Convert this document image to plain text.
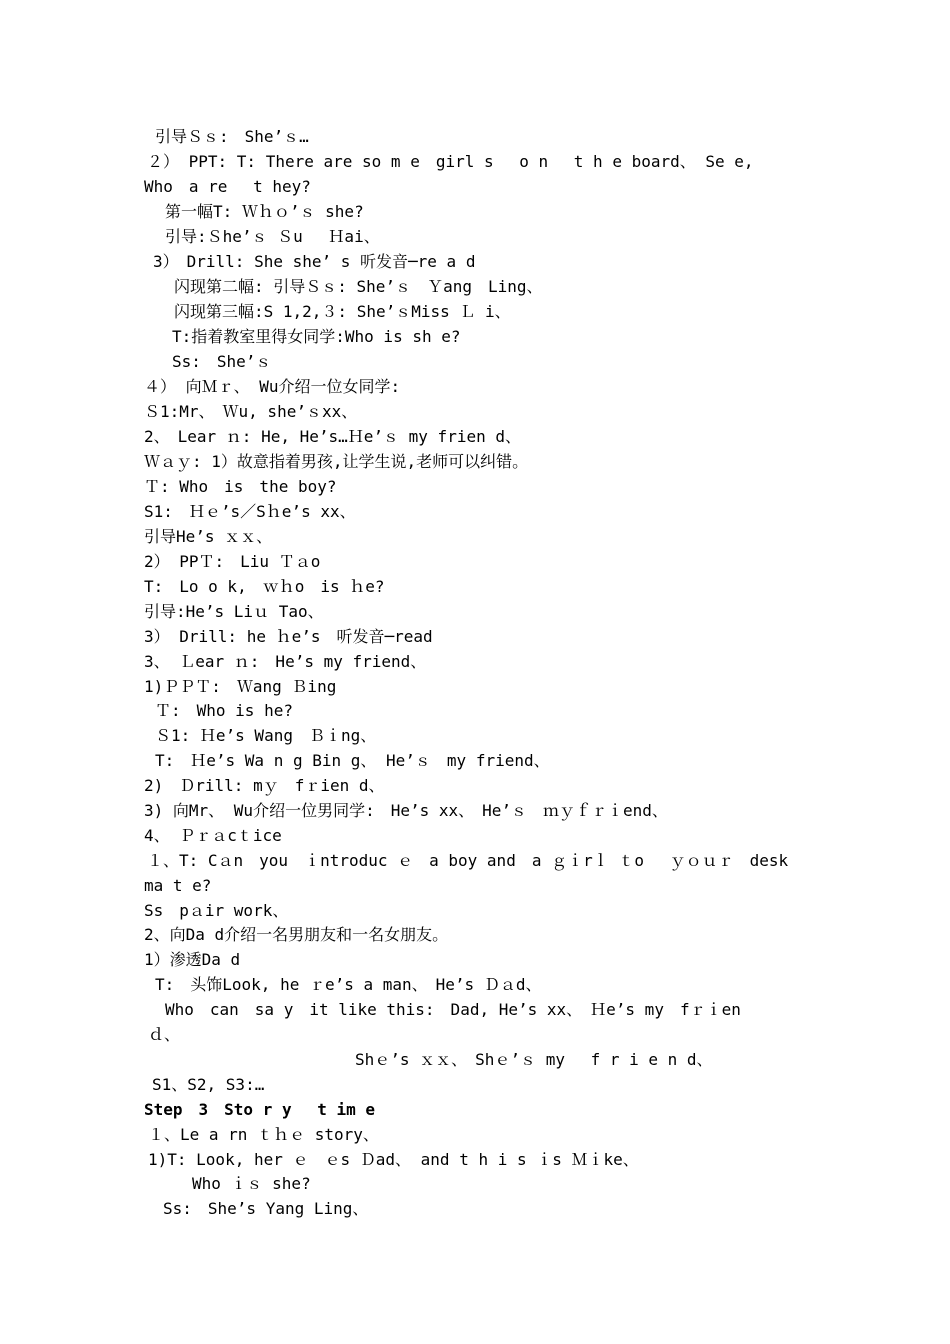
引导Ｓｓ:　She’ｓ…
２） PPT: T: There are so m e　girl s　 o n　 t h e board、 Se e,
Who　a re　 t hey?
第一幅T: Ｗｈｏ’ｓ she?
引导:Ｓhe’ｓ Ｓu　 Ｈai、
3）　Drill: She she’ s 听发音─re a d
闪现第二幅: 引导Ｓｓ: She’ｓ　Ｙang　Ling、
闪现第三幅:S 1,2,３: She’ｓMiss Ｌ i、
T:指着教室里得女同学:Who is sh e?
Ss:　She’ｓ
４） 向Ｍｒ、 Wu介绍一位女同学:
Ｓ1:Mr、　Ｗu, she’ｓxx、
2、　Lear ｎ: He, He’s…Ｈe’ｓ my frien d、
Ｗａｙ: 1）故意指着男孩,让学生说,老师可以纠错。
Ｔ: Who　is　the boy?
S1:　Ｈｅ’s／Sｈe’s xx、
引导He’s ｘｘ、
2） PPＴ:　Liu Ｔａo
T:　Lo o k,　ｗｈo　is ｈe?
引导:He’s Liｕ Tao、
3） Drill: he ｈe’s　听发音─read
3、 Ｌear ｎ:　He’s my friend、
1)ＰＰＴ:　Ｗang Ｂing
Ｔ:　Who is he?
Ｓ1: Ｈe’s Wang　Ｂｉng、
T:　Ｈe’s Wa n g Bin g、 He’ｓ　my friend、
2)　Ｄrill: mｙ　fｒien d、
3) 向Mr、 Wu介绍一位男同学:　He’s xx、　He’ｓ　ｍｙｆｒｉend、
4、 Ｐｒａcｔice
１、T: Cａn　you　ｉntroduc ｅ　a boy and　a ｇｉrｌ ｔo　 ｙｏｕｒ　desk
ma t e?
Ss　pａir work、
2、向Da d介绍一名男朋友和一名女朋友。
1）渗透Da d
T:　头饰Look, he ｒe’s a man、　He’s Ｄａd、
Who　can　sa y　it like this:　Dad, He’s xx、　Ｈe’s my　fｒｉen
ｄ、
Shｅ’s ｘｘ、　Shｅ’ｓ my　 f r i e n d、
S1、S2, S3:…
Step　3　Sto r y　 t im e
１、Le a rn ｔｈｅ story、
1)T: Look, her ｅ　ｅs Ｄad、 and t h i s ｉs Ｍｉke、
Who ｉｓ she?
Ss:　She’s Yang Ling、
